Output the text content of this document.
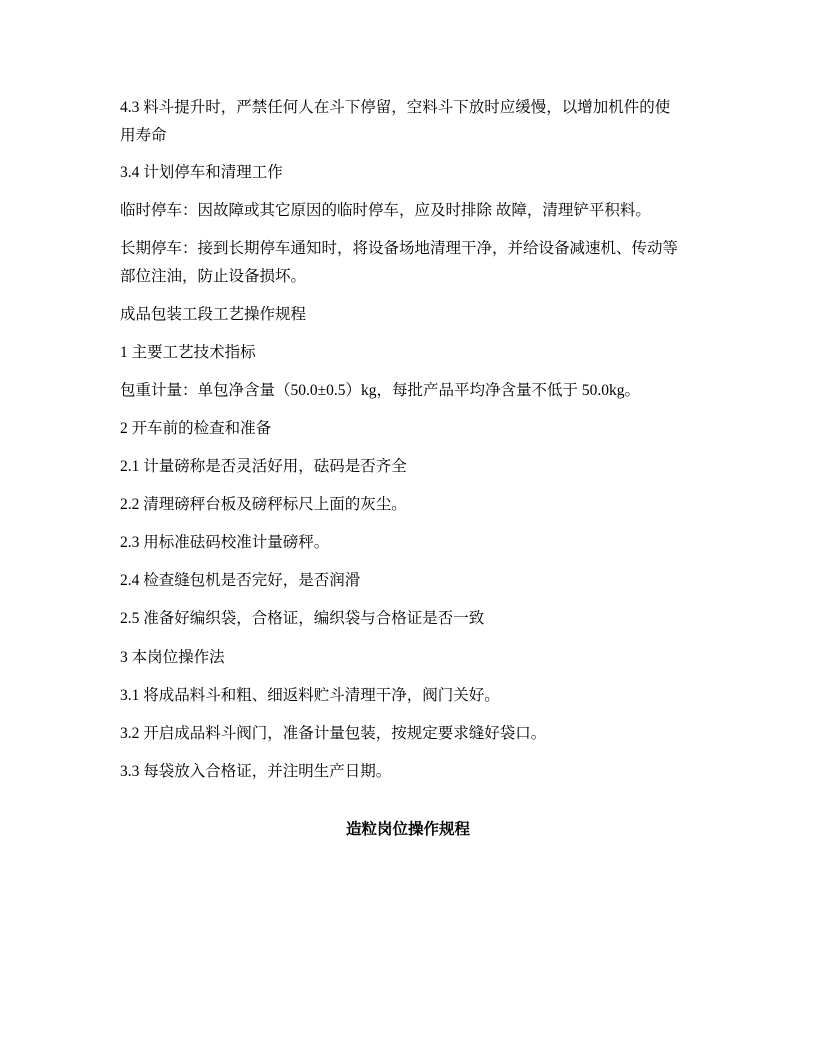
4.3 料斗提升时，严禁任何人在斗下停留，空料斗下放时应缓慢，以增加机件的使
用寿命
3.4 计划停车和清理工作
临时停车：因故障或其它原因的临时停车，应及时排除 故障，清理铲平积料。
长期停车：接到长期停车通知时，将设备场地清理干净，并给设备减速机、传动等
部位注油，防止设备损坏。
成品包装工段工艺操作规程
1 主要工艺技术指标
包重计量：单包净含量（50.0±0.5）kg，每批产品平均净含量不低于 50.0kg。
2 开车前的检查和准备
2.1 计量磅称是否灵活好用，砝码是否齐全
2.2 清理磅秤台板及磅秤标尺上面的灰尘。
2.3 用标准砝码校准计量磅秤。
2.4 检查缝包机是否完好，是否润滑
2.5 准备好编织袋，合格证，编织袋与合格证是否一致
3 本岗位操作法
3.1 将成品料斗和粗、细返料贮斗清理干净，阀门关好。
3.2 开启成品料斗阀门，准备计量包装，按规定要求缝好袋口。
3.3 每袋放入合格证，并注明生产日期。
造粒岗位操作规程
